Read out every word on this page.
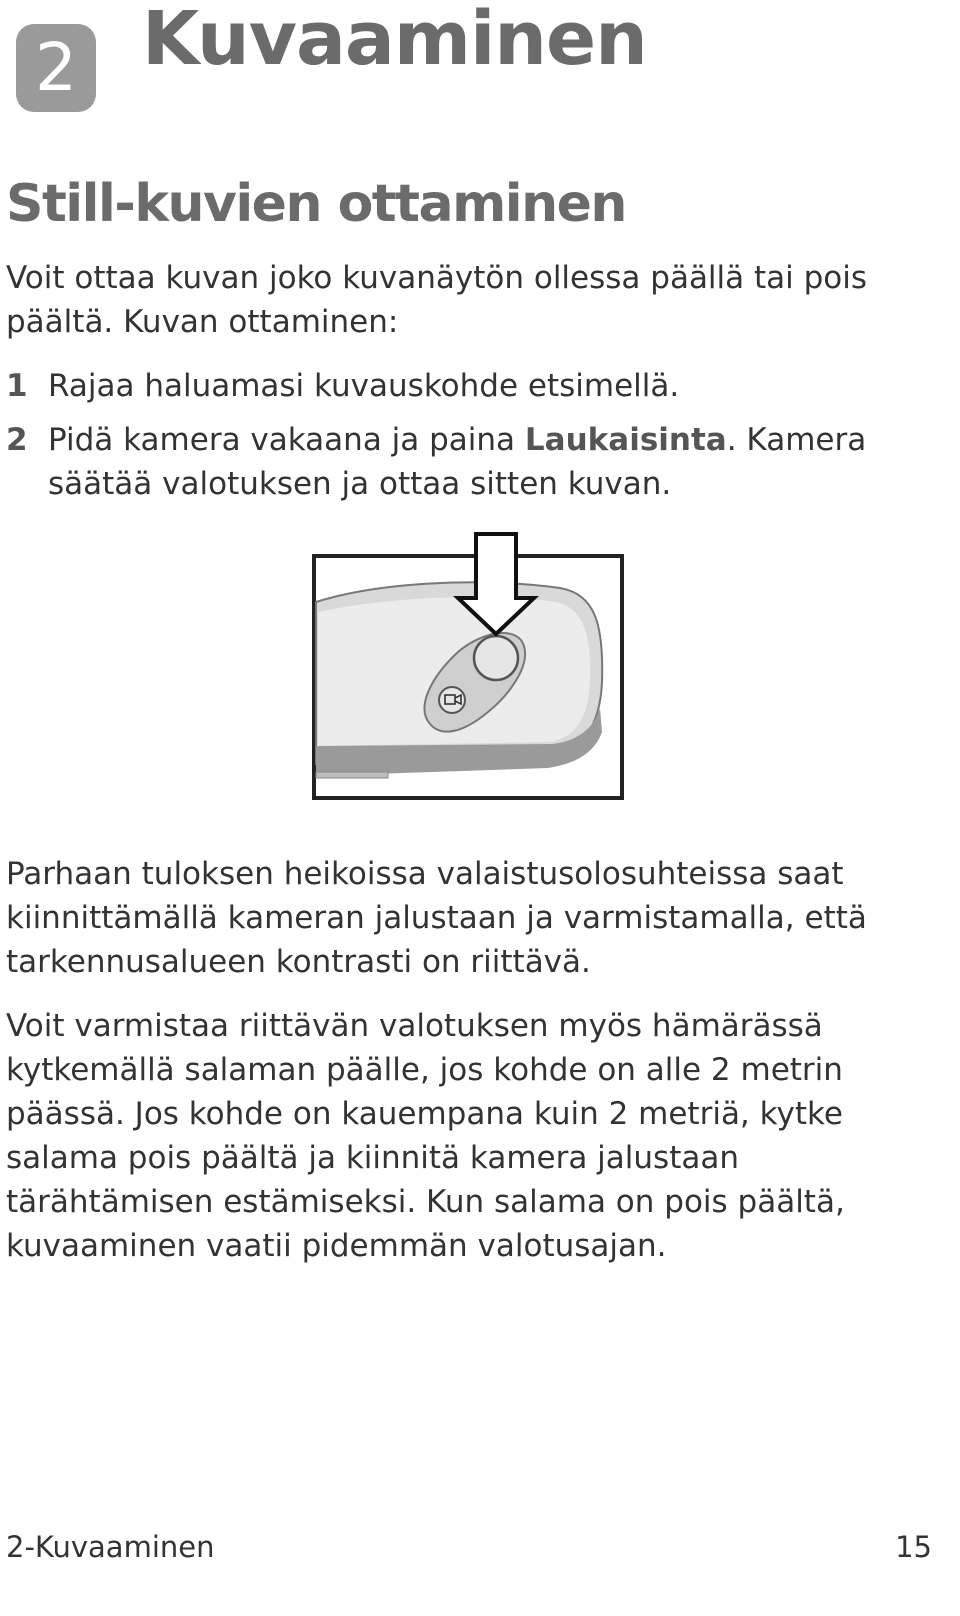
2 Kuvaaminen
Still-kuvien ottaminen

Voit ottaa kuvan joko kuvanäytön ollessa päällä tai pois päältä. Kuvan ottaminen:

1 Rajaa haluamasi kuvauskohde etsimellä.
2 Pidä kamera vakaana ja paina Laukaisinta. Kamera säätää valotuksen ja ottaa sitten kuvan.

Parhaan tuloksen heikoissa valaistusolosuhteissa saat kiinnittämällä kameran jalustaan ja varmistamalla, että tarkennusalueen kontrasti on riittävä.

Voit varmistaa riittävän valotuksen myös hämärässä kytkemällä salaman päälle, jos kohde on alle 2 metrin päässä. Jos kohde on kauempana kuin 2 metriä, kytke salama pois päältä ja kiinnitä kamera jalustaan tärähtämisen estämiseksi. Kun salama on pois päältä, kuvaaminen vaatii pidemmän valotusajan.

2-Kuvaaminen	15
